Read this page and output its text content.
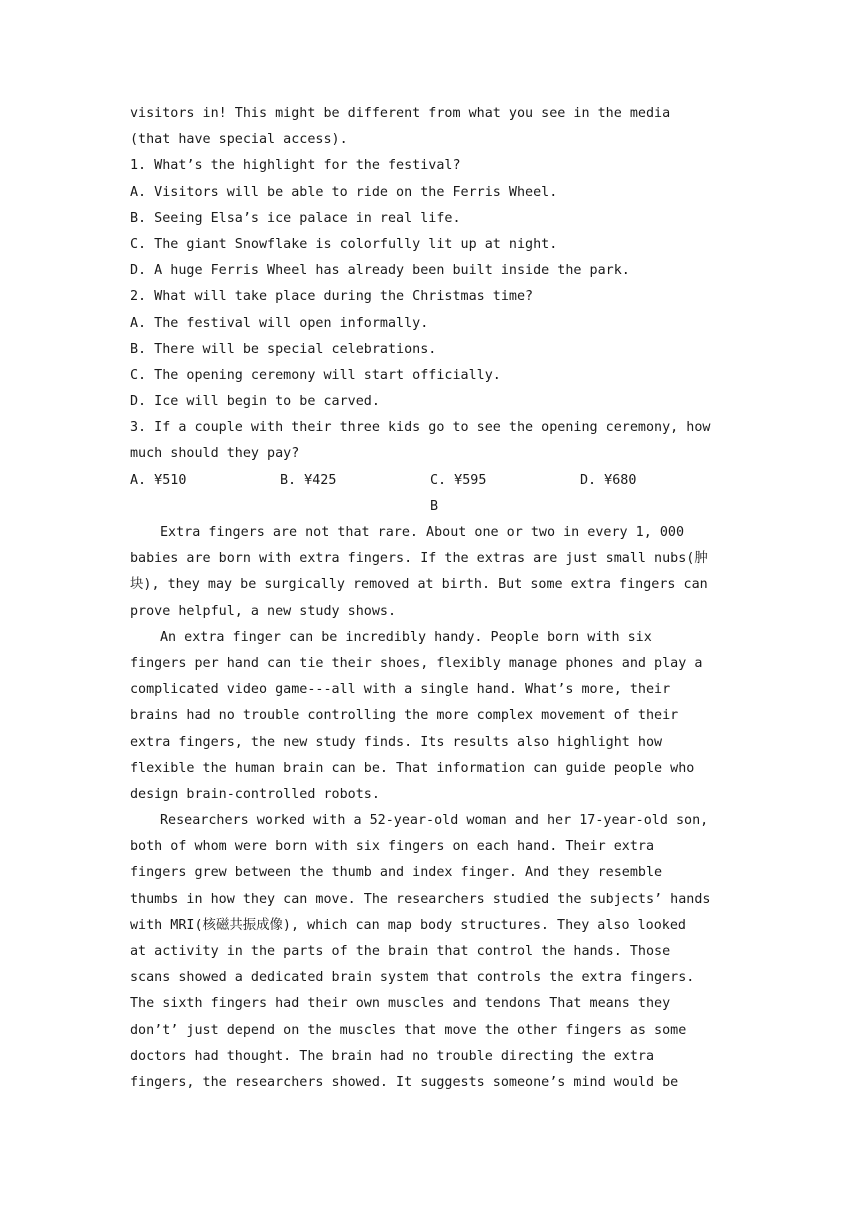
visitors in! This might be different from what you see in the media
(that have special access).
1. What’s the highlight for the festival?
A. Visitors will be able to ride on the Ferris Wheel.
B. Seeing Elsa’s ice palace in real life.
C. The giant Snowflake is colorfully lit up at night.
D. A huge Ferris Wheel has already been built inside the park.
2. What will take place during the Christmas time?
A. The festival will open informally.
B. There will be special celebrations.
C. The opening ceremony will start officially.
D. Ice will begin to be carved.
3. If a couple with their three kids go to see the opening ceremony, how
much should they pay?
A. ¥510	B. ¥425	C. ¥595	D. ¥680
B
Extra fingers are not that rare. About one or two in every 1, 000
babies are born with extra fingers. If the extras are just small nubs(肿
块), they may be surgically removed at birth. But some extra fingers can
prove helpful, a new study shows.
An extra finger can be incredibly handy. People born with six
fingers per hand can tie their shoes, flexibly manage phones and play a
complicated video game---all with a single hand. What’s more, their
brains had no trouble controlling the more complex movement of their
extra fingers, the new study finds. Its results also highlight how
flexible the human brain can be. That information can guide people who
design brain-controlled robots.
Researchers worked with a 52-year-old woman and her 17-year-old son,
both of whom were born with six fingers on each hand. Their extra
fingers grew between the thumb and index finger. And they resemble
thumbs in how they can move. The researchers studied the subjects’ hands
with MRI(核磁共振成像), which can map body structures. They also looked
at activity in the parts of the brain that control the hands. Those
scans showed a dedicated brain system that controls the extra fingers.
The sixth fingers had their own muscles and tendons That means they
don’t’ just depend on the muscles that move the other fingers as some
doctors had thought. The brain had no trouble directing the extra
fingers, the researchers showed. It suggests someone’s mind would be
